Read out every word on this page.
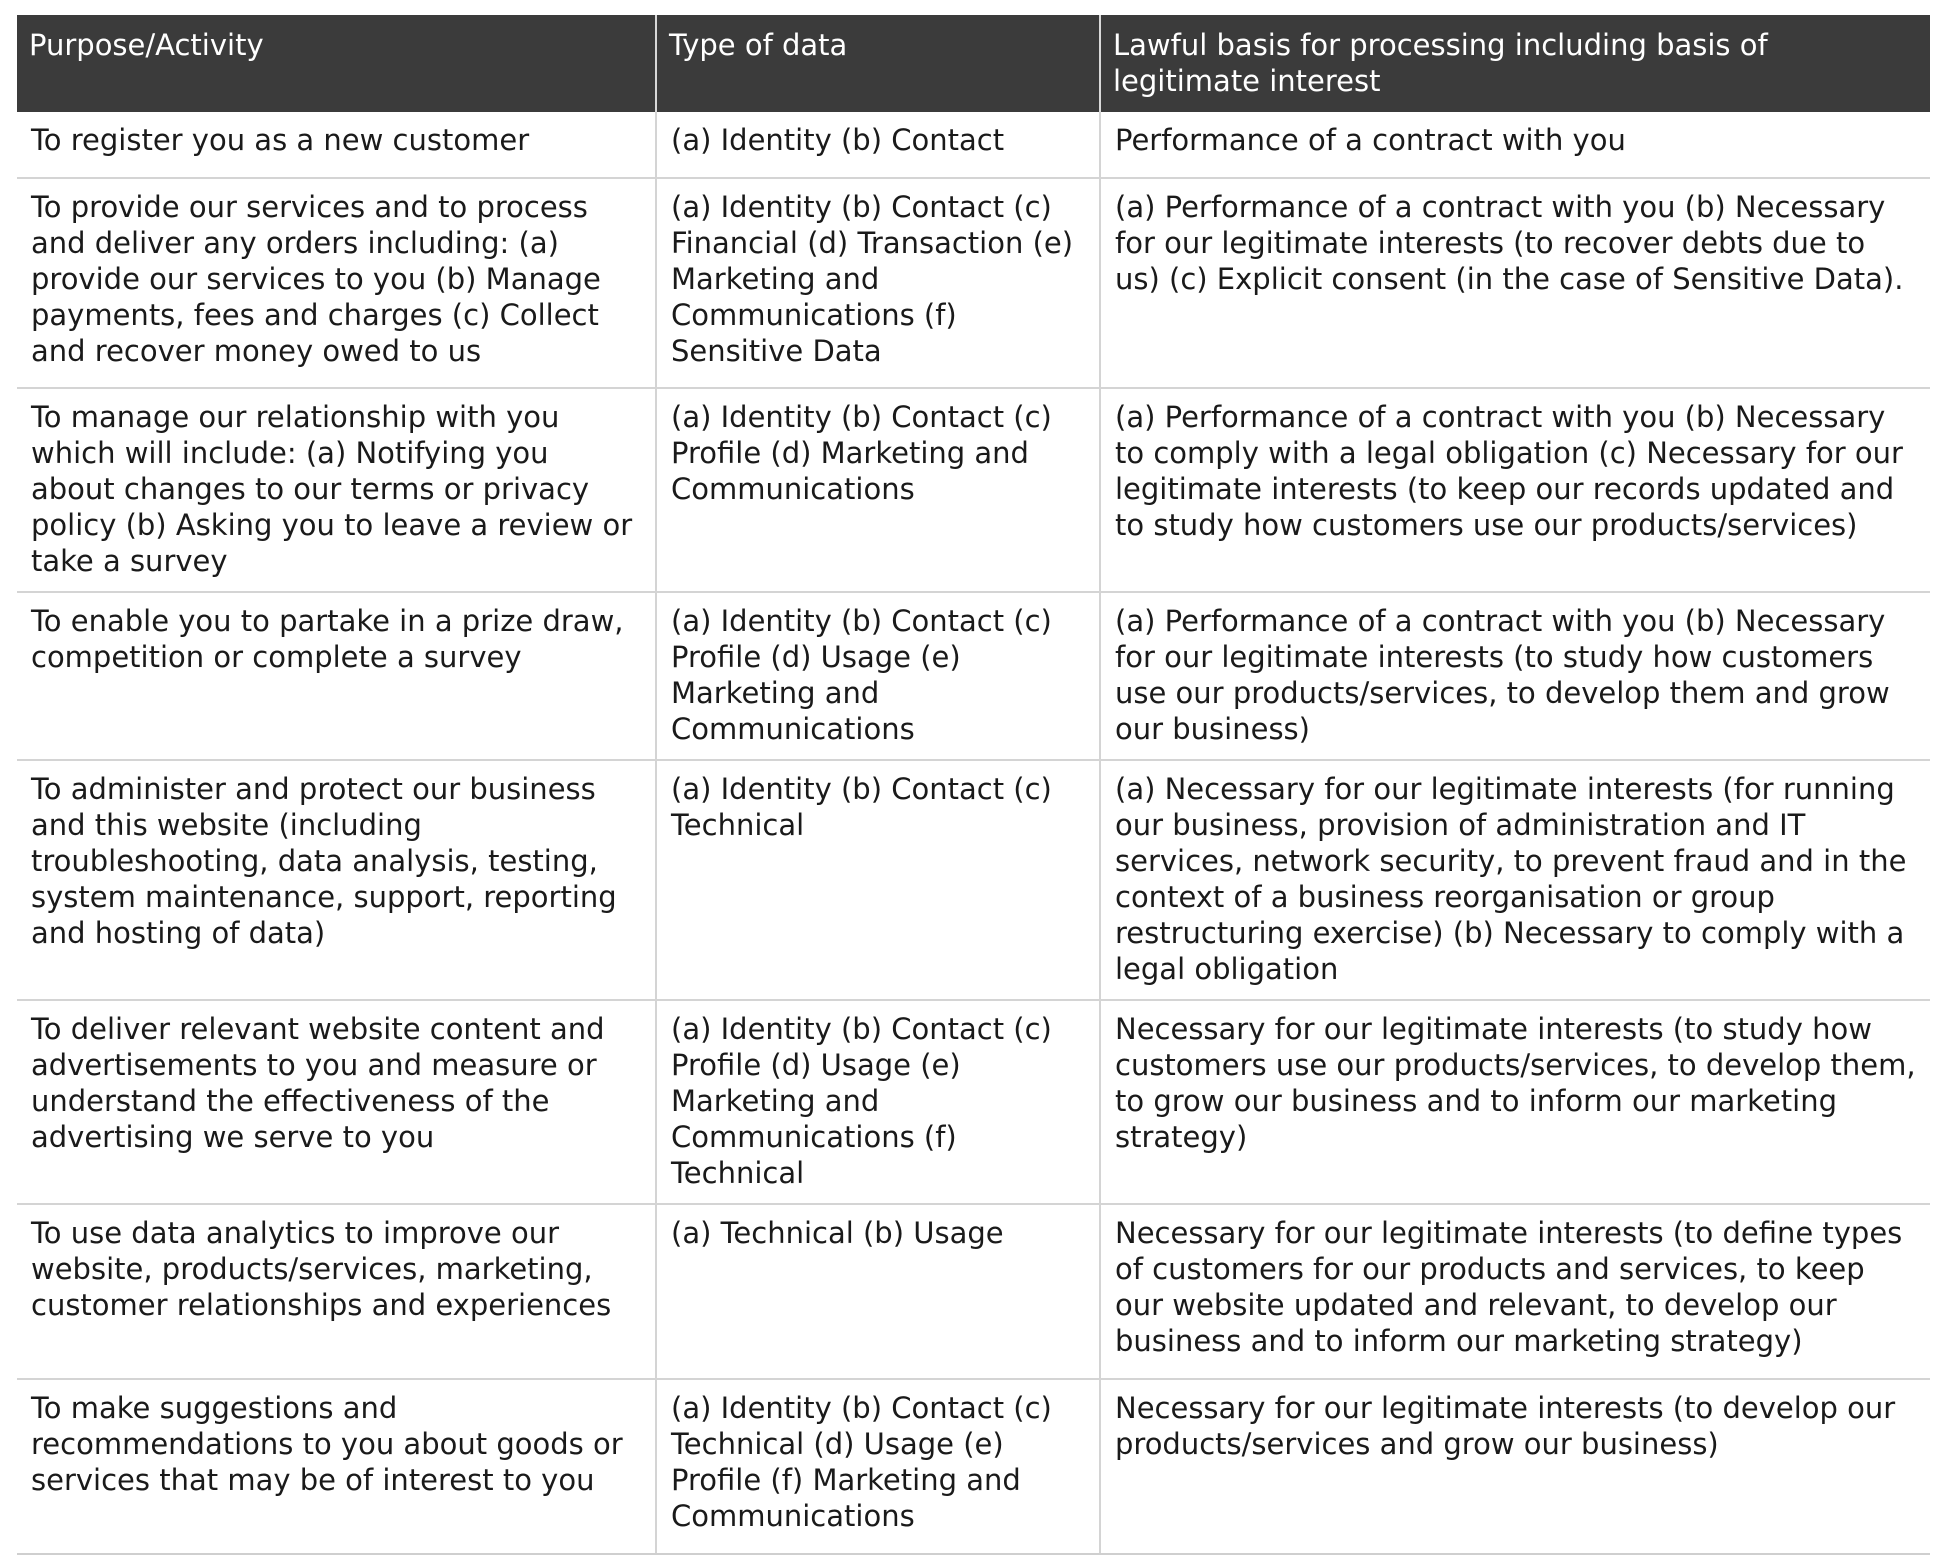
Purpose/Activity	Type of data	Lawful basis for processing including basis of legitimate interest
To register you as a new customer	(a) Identity (b) Contact	Performance of a contract with you
To provide our services and to process and deliver any orders including: (a) provide our services to you (b) Manage payments, fees and charges (c) Collect and recover money owed to us	(a) Identity (b) Contact (c) Financial (d) Transaction (e) Marketing and Communications (f) Sensitive Data	(a) Performance of a contract with you (b) Necessary for our legitimate interests (to recover debts due to us) (c) Explicit consent (in the case of Sensitive Data).
To manage our relationship with you which will include: (a) Notifying you about changes to our terms or privacy policy (b) Asking you to leave a review or take a survey	(a) Identity (b) Contact (c) Profile (d) Marketing and Communications	(a) Performance of a contract with you (b) Necessary to comply with a legal obligation (c) Necessary for our legitimate interests (to keep our records updated and to study how customers use our products/services)
To enable you to partake in a prize draw, competition or complete a survey	(a) Identity (b) Contact (c) Profile (d) Usage (e) Marketing and Communications	(a) Performance of a contract with you (b) Necessary for our legitimate interests (to study how customers use our products/services, to develop them and grow our business)
To administer and protect our business and this website (including troubleshooting, data analysis, testing, system maintenance, support, reporting and hosting of data)	(a) Identity (b) Contact (c) Technical	(a) Necessary for our legitimate interests (for running our business, provision of administration and IT services, network security, to prevent fraud and in the context of a business reorganisation or group restructuring exercise) (b) Necessary to comply with a legal obligation
To deliver relevant website content and advertisements to you and measure or understand the effectiveness of the advertising we serve to you	(a) Identity (b) Contact (c) Profile (d) Usage (e) Marketing and Communications (f) Technical	Necessary for our legitimate interests (to study how customers use our products/services, to develop them, to grow our business and to inform our marketing strategy)
To use data analytics to improve our website, products/services, marketing, customer relationships and experiences	(a) Technical (b) Usage	Necessary for our legitimate interests (to define types of customers for our products and services, to keep our website updated and relevant, to develop our business and to inform our marketing strategy)
To make suggestions and recommendations to you about goods or services that may be of interest to you	(a) Identity (b) Contact (c) Technical (d) Usage (e) Profile (f) Marketing and Communications	Necessary for our legitimate interests (to develop our products/services and grow our business)
